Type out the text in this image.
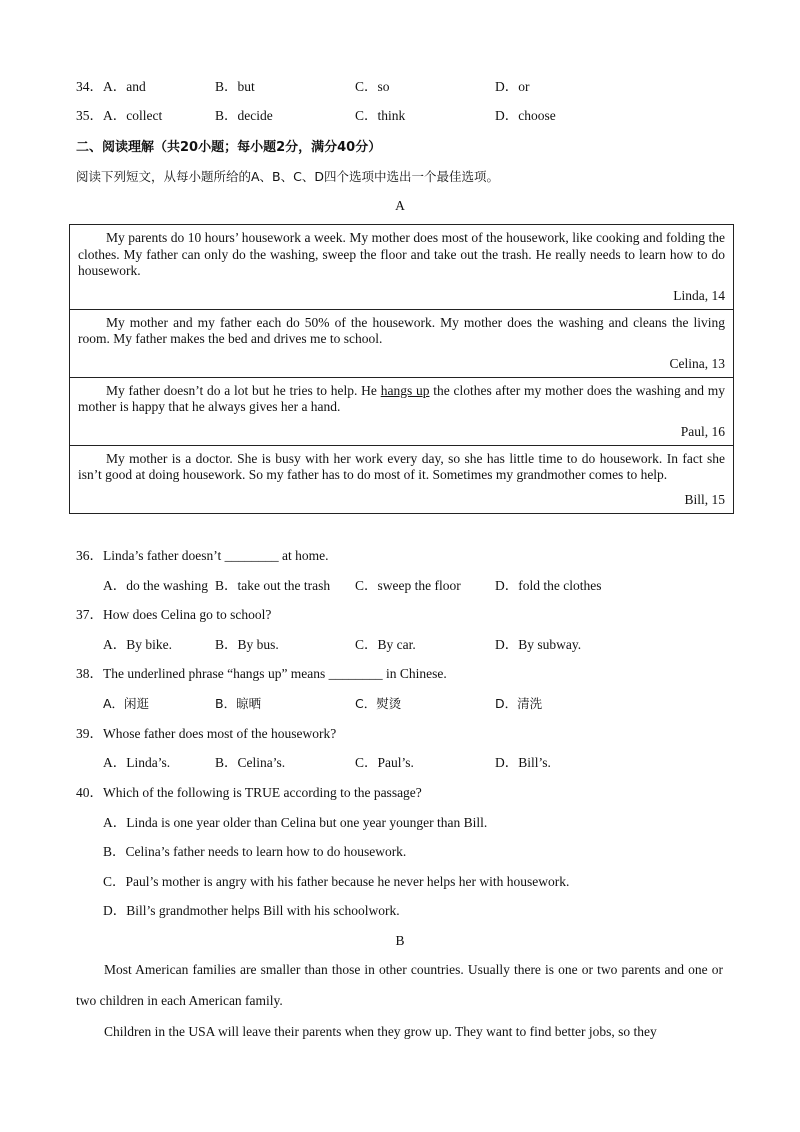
34．A．and	B．but	C．so	D．or
35．A．collect	B．decide	C．think	D．choose
二、阅读理解（共20小题；每小题2分，满分40分）
阅读下列短文，从每小题所给的A、B、C、D四个选项中选出一个最佳选项。
A

My parents do 10 hours’ housework a week. My mother does most of the housework, like cooking and folding the clothes. My father can only do the washing, sweep the floor and take out the trash. He really needs to learn how to do housework.

Linda, 14

My mother and my father each do 50% of the housework. My mother does the washing and cleans the living room. My father makes the bed and drives me to school.

Celina, 13

My father doesn’t do a lot but he tries to help. He hangs up the clothes after my mother does the washing and my mother is happy that he always gives her a hand.

Paul, 16

My mother is a doctor. She is busy with her work every day, so she has little time to do housework. In fact she isn’t good at doing housework. So my father has to do most of it. Sometimes my grandmother comes to help.

Bill, 15
36．Linda’s father doesn’t ________ at home.
A．do the washing B．take out the trash C．sweep the floor	D．fold the clothes
37．How does Celina go to school?
A．By bike.	B．By bus.	C．By car.	D．By subway.
38．The underlined phrase “hangs up” means ________ in Chinese.
A．闲逛	B．晾晒	C．熨烫	D．清洗
39．Whose father does most of the housework?
A．Linda’s.	B．Celina’s.	C．Paul’s.	D．Bill’s.
40．Which of the following is TRUE according to the passage?
A．Linda is one year older than Celina but one year younger than Bill.
B．Celina’s father needs to learn how to do housework.
C．Paul’s mother is angry with his father because he never helps her with housework.
D．Bill’s grandmother helps Bill with his schoolwork.
B
Most American families are smaller than those in other countries. Usually there is one or two parents and one or two children in each American family.
Children in the USA will leave their parents when they grow up. They want to find better jobs, so they
